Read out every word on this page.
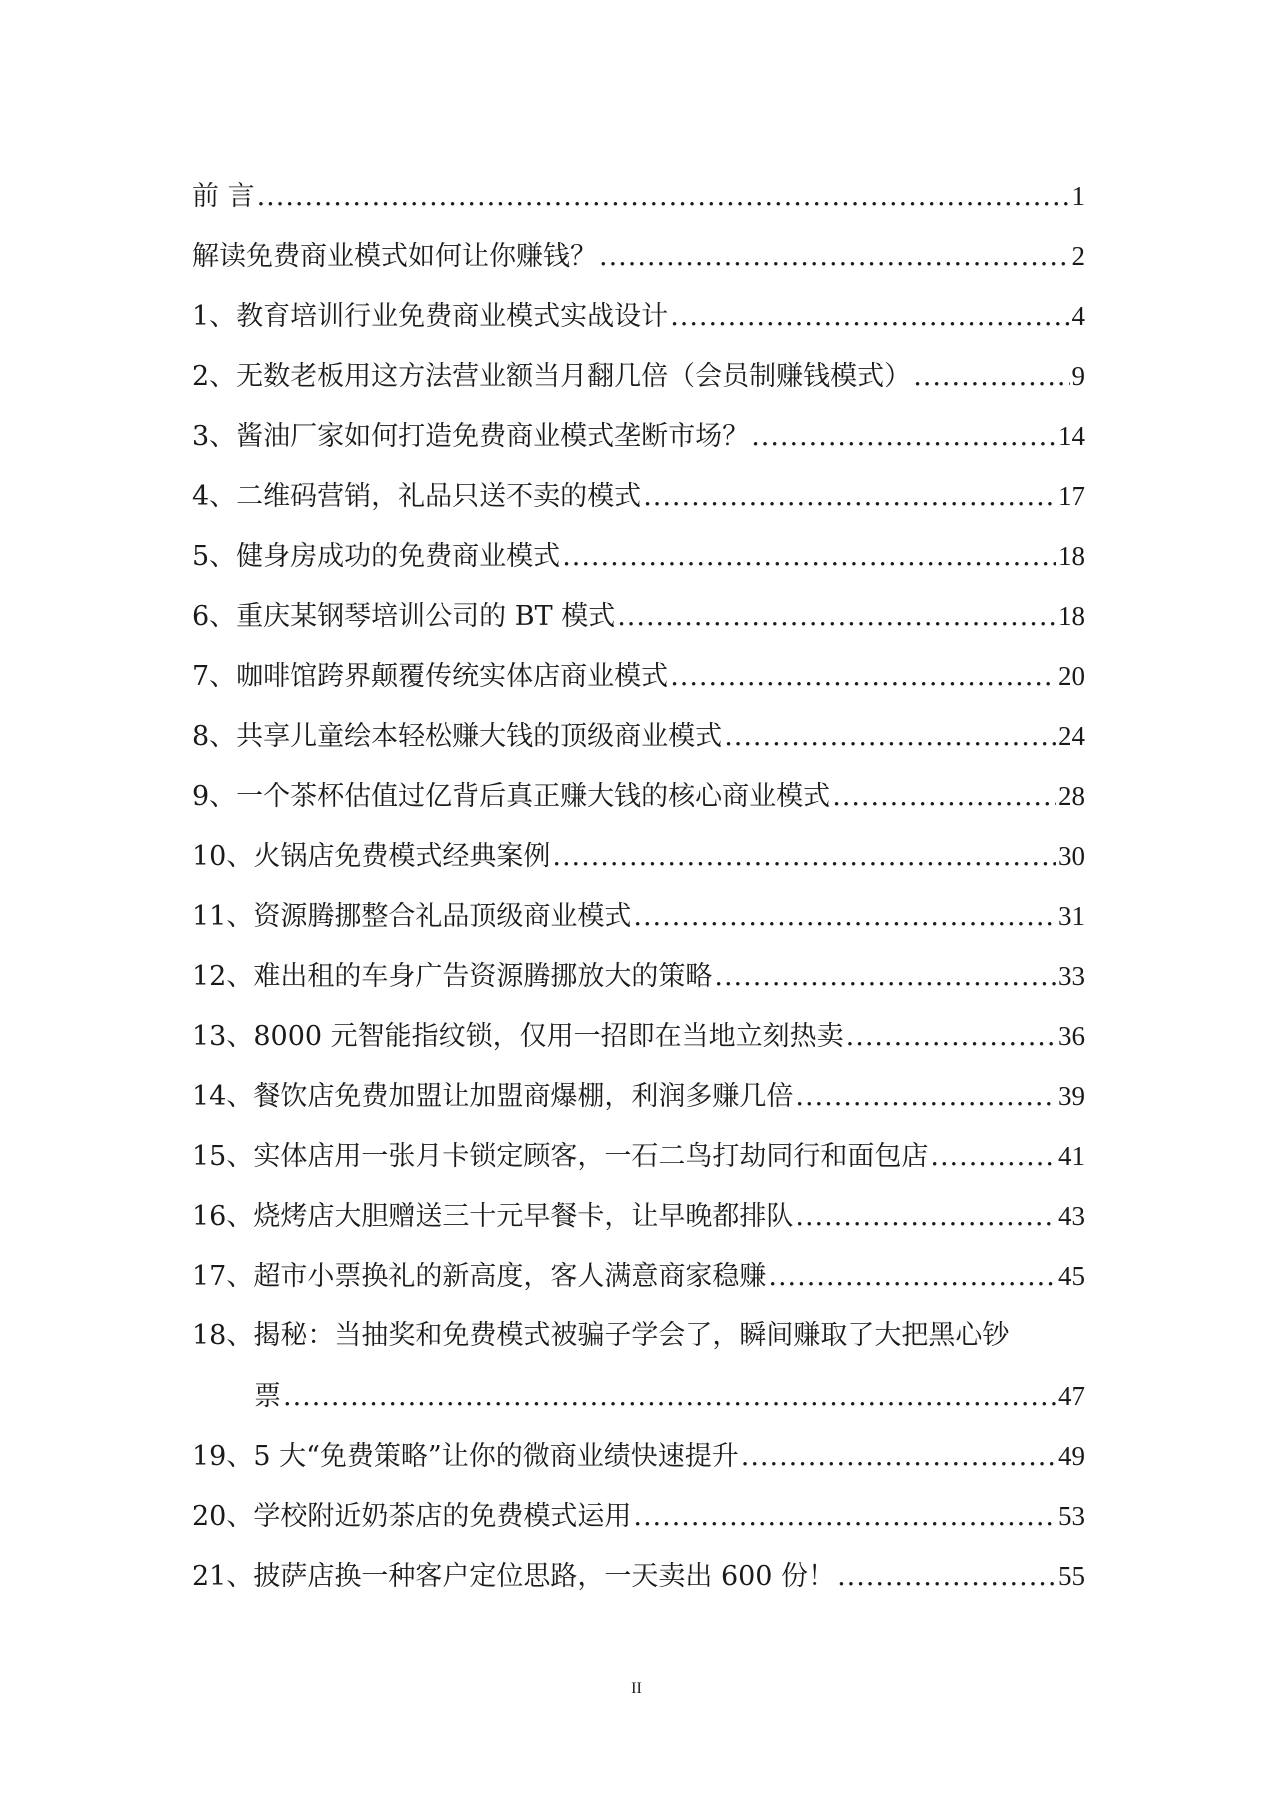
前 言 .....	1
解读免费商业模式如何让你赚钱？ .....	2
1、教育培训行业免费商业模式实战设计 .....	4
2、无数老板用这方法营业额当月翻几倍（会员制赚钱模式） .....	9
3、酱油厂家如何打造免费商业模式垄断市场？ .....	14
4、二维码营销，礼品只送不卖的模式 .....	17
5、健身房成功的免费商业模式 .....	18
6、重庆某钢琴培训公司的 BT 模式 .....	18
7、咖啡馆跨界颠覆传统实体店商业模式 .....	20
8、共享儿童绘本轻松赚大钱的顶级商业模式 .....	24
9、一个茶杯估值过亿背后真正赚大钱的核心商业模式 .....	28
10、火锅店免费模式经典案例 .....	30
11、资源腾挪整合礼品顶级商业模式 .....	31
12、难出租的车身广告资源腾挪放大的策略 .....	33
13、8000 元智能指纹锁，仅用一招即在当地立刻热卖 .....	36
14、餐饮店免费加盟让加盟商爆棚，利润多赚几倍 .....	39
15、实体店用一张月卡锁定顾客，一石二鸟打劫同行和面包店 .....	41
16、烧烤店大胆赠送三十元早餐卡，让早晚都排队 .....	43
17、超市小票换礼的新高度，客人满意商家稳赚 .....	45
18、揭秘：当抽奖和免费模式被骗子学会了，瞬间赚取了大把黑心钞
票 .....	47
19、5 大“免费策略”让你的微商业绩快速提升 .....	49
20、学校附近奶茶店的免费模式运用 .....	53
21、披萨店换一种客户定位思路，一天卖出 600 份！ .....	55
II
